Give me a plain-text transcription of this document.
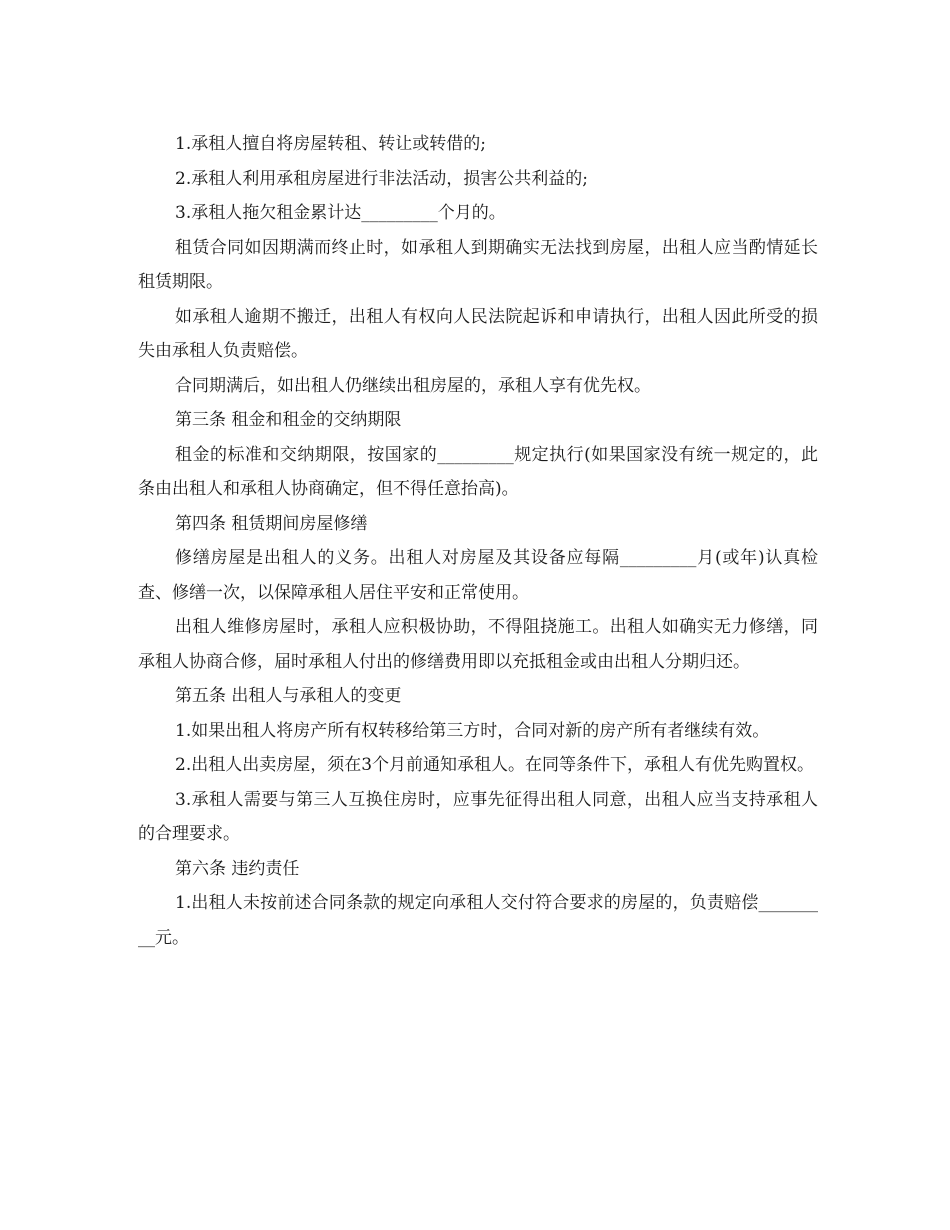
1.承租人擅自将房屋转租、转让或转借的;

2.承租人利用承租房屋进行非法活动，损害公共利益的;

3.承租人拖欠租金累计达_________个月的。

租赁合同如因期满而终止时，如承租人到期确实无法找到房屋，出租人应当酌情延长租赁期限。

如承租人逾期不搬迁，出租人有权向人民法院起诉和申请执行，出租人因此所受的损失由承租人负责赔偿。

合同期满后，如出租人仍继续出租房屋的，承租人享有优先权。

第三条 租金和租金的交纳期限

租金的标准和交纳期限，按国家的_________规定执行(如果国家没有统一规定的，此条由出租人和承租人协商确定，但不得任意抬高)。

第四条 租赁期间房屋修缮

修缮房屋是出租人的义务。出租人对房屋及其设备应每隔_________月(或年)认真检查、修缮一次，以保障承租人居住平安和正常使用。

出租人维修房屋时，承租人应积极协助，不得阻挠施工。出租人如确实无力修缮，同承租人协商合修，届时承租人付出的修缮费用即以充抵租金或由出租人分期归还。

第五条 出租人与承租人的变更

1.如果出租人将房产所有权转移给第三方时，合同对新的房产所有者继续有效。

2.出租人出卖房屋，须在3个月前通知承租人。在同等条件下，承租人有优先购置权。

3.承租人需要与第三人互换住房时，应事先征得出租人同意，出租人应当支持承租人的合理要求。

第六条 违约责任

1.出租人未按前述合同条款的规定向承租人交付符合要求的房屋的，负责赔偿_________元。
